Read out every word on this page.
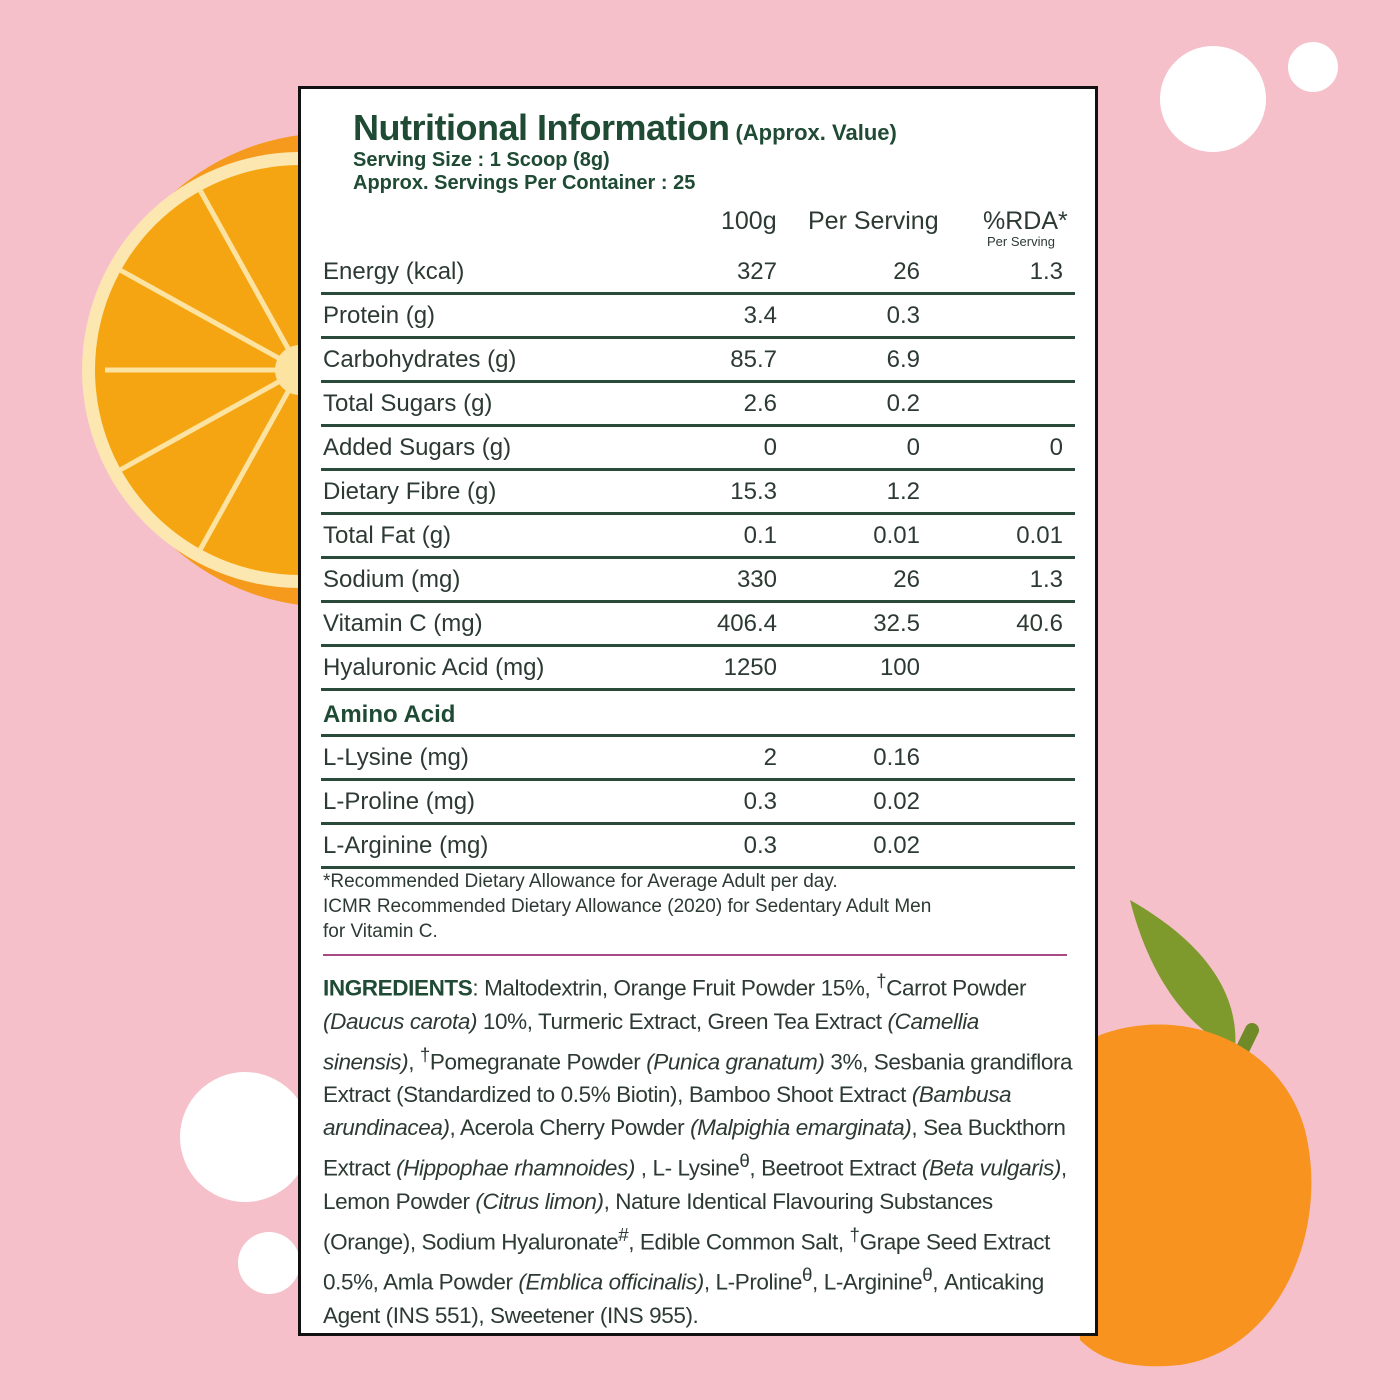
Nutritional Information (Approx. Value)
Serving Size : 1 Scoop (8g)
Approx. Servings Per Container : 25
100g Per Serving %RDA*
Per Serving
Energy (kcal)	327	26	1.3
Protein (g)	3.4	0.3
Carbohydrates (g)	85.7	6.9
Total Sugars (g)	2.6	0.2
Added Sugars (g)	0	0	0
Dietary Fibre (g)	15.3	1.2
Total Fat (g)	0.1	0.01	0.01
Sodium (mg)	330	26	1.3
Vitamin C (mg)	406.4	32.5	40.6
Hyaluronic Acid (mg)	1250	100
Amino Acid
L-Lysine (mg)	2	0.16
L-Proline (mg)	0.3	0.02
L-Arginine (mg)	0.3	0.02
*Recommended Dietary Allowance for Average Adult per day.
ICMR Recommended Dietary Allowance (2020) for Sedentary Adult Men
for Vitamin C.
INGREDIENTS: Maltodextrin, Orange Fruit Powder 15%, †Carrot Powder (Daucus carota) 10%, Turmeric Extract, Green Tea Extract (Camellia sinensis), †Pomegranate Powder (Punica granatum) 3%, Sesbania grandiflora Extract (Standardized to 0.5% Biotin), Bamboo Shoot Extract (Bambusa arundinacea), Acerola Cherry Powder (Malpighia emarginata), Sea Buckthorn Extract (Hippophae rhamnoides) , L- Lysine$^\theta$, Beetroot Extract (Beta vulgaris), Lemon Powder (Citrus limon), Nature Identical Flavouring Substances (Orange), Sodium Hyaluronate#, Edible Common Salt, †Grape Seed Extract 0.5%, Amla Powder (Emblica officinalis), L-Proline$^\theta$, L-Arginine$^\theta$, Anticaking Agent (INS 551), Sweetener (INS 955).
